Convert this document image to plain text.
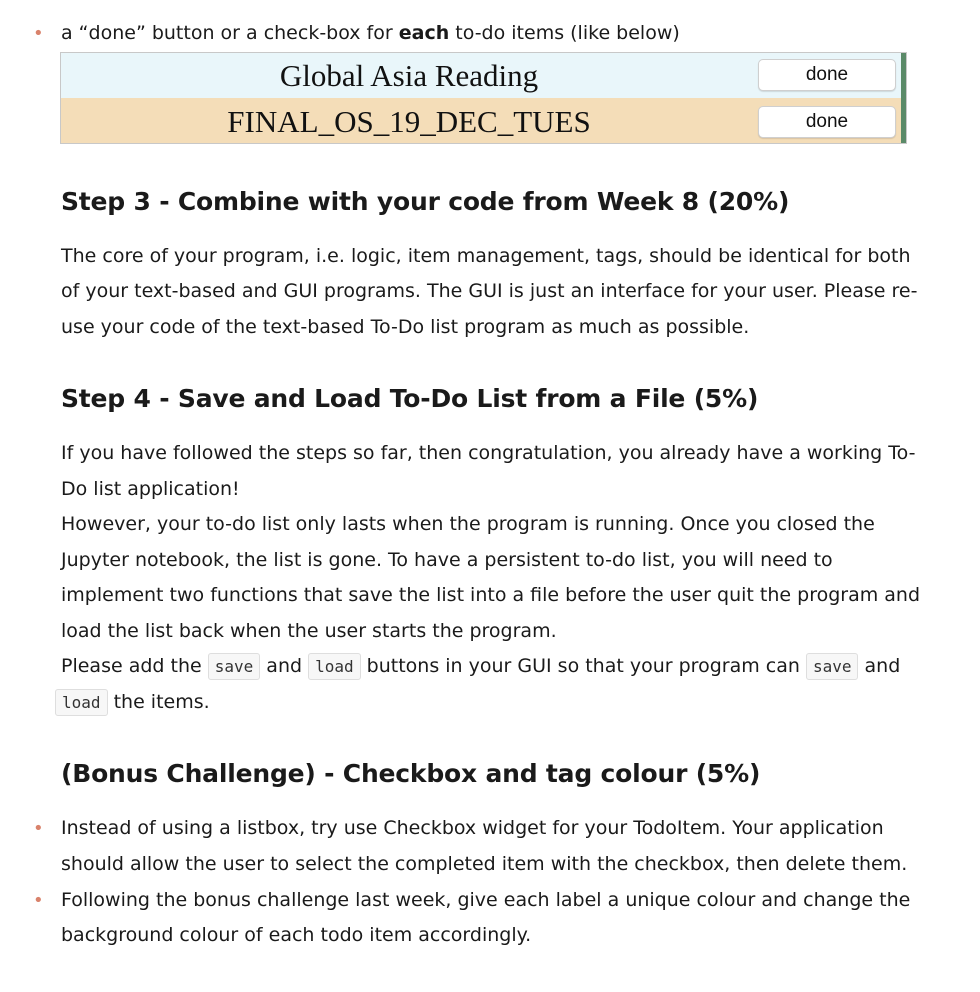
• a “done” button or a check-box for each to-do items (like below)
Global Asia Reading	done
FINAL_OS_19_DEC_TUES	done
Step 3 - Combine with your code from Week 8 (20%)

The core of your program, i.e. logic, item management, tags, should be identical for both

of your text-based and GUI programs. The GUI is just an interface for your user. Please re-

use your code of the text-based To-Do list program as much as possible.

Step 4 - Save and Load To-Do List from a File (5%)

If you have followed the steps so far, then congratulation, you already have a working To-

Do list application!

However, your to-do list only lasts when the program is running. Once you closed the

Jupyter notebook, the list is gone. To have a persistent to-do list, you will need to

implement two functions that save the list into a file before the user quit the program and

load the list back when the user starts the program.

Please add the save and load buttons in your GUI so that your program can save and

load the items.

(Bonus Challenge) - Checkbox and tag colour (5%)
• Instead of using a listbox, try use Checkbox widget for your TodoItem. Your application

should allow the user to select the completed item with the checkbox, then delete them.

• Following the bonus challenge last week, give each label a unique colour and change the

background colour of each todo item accordingly.
